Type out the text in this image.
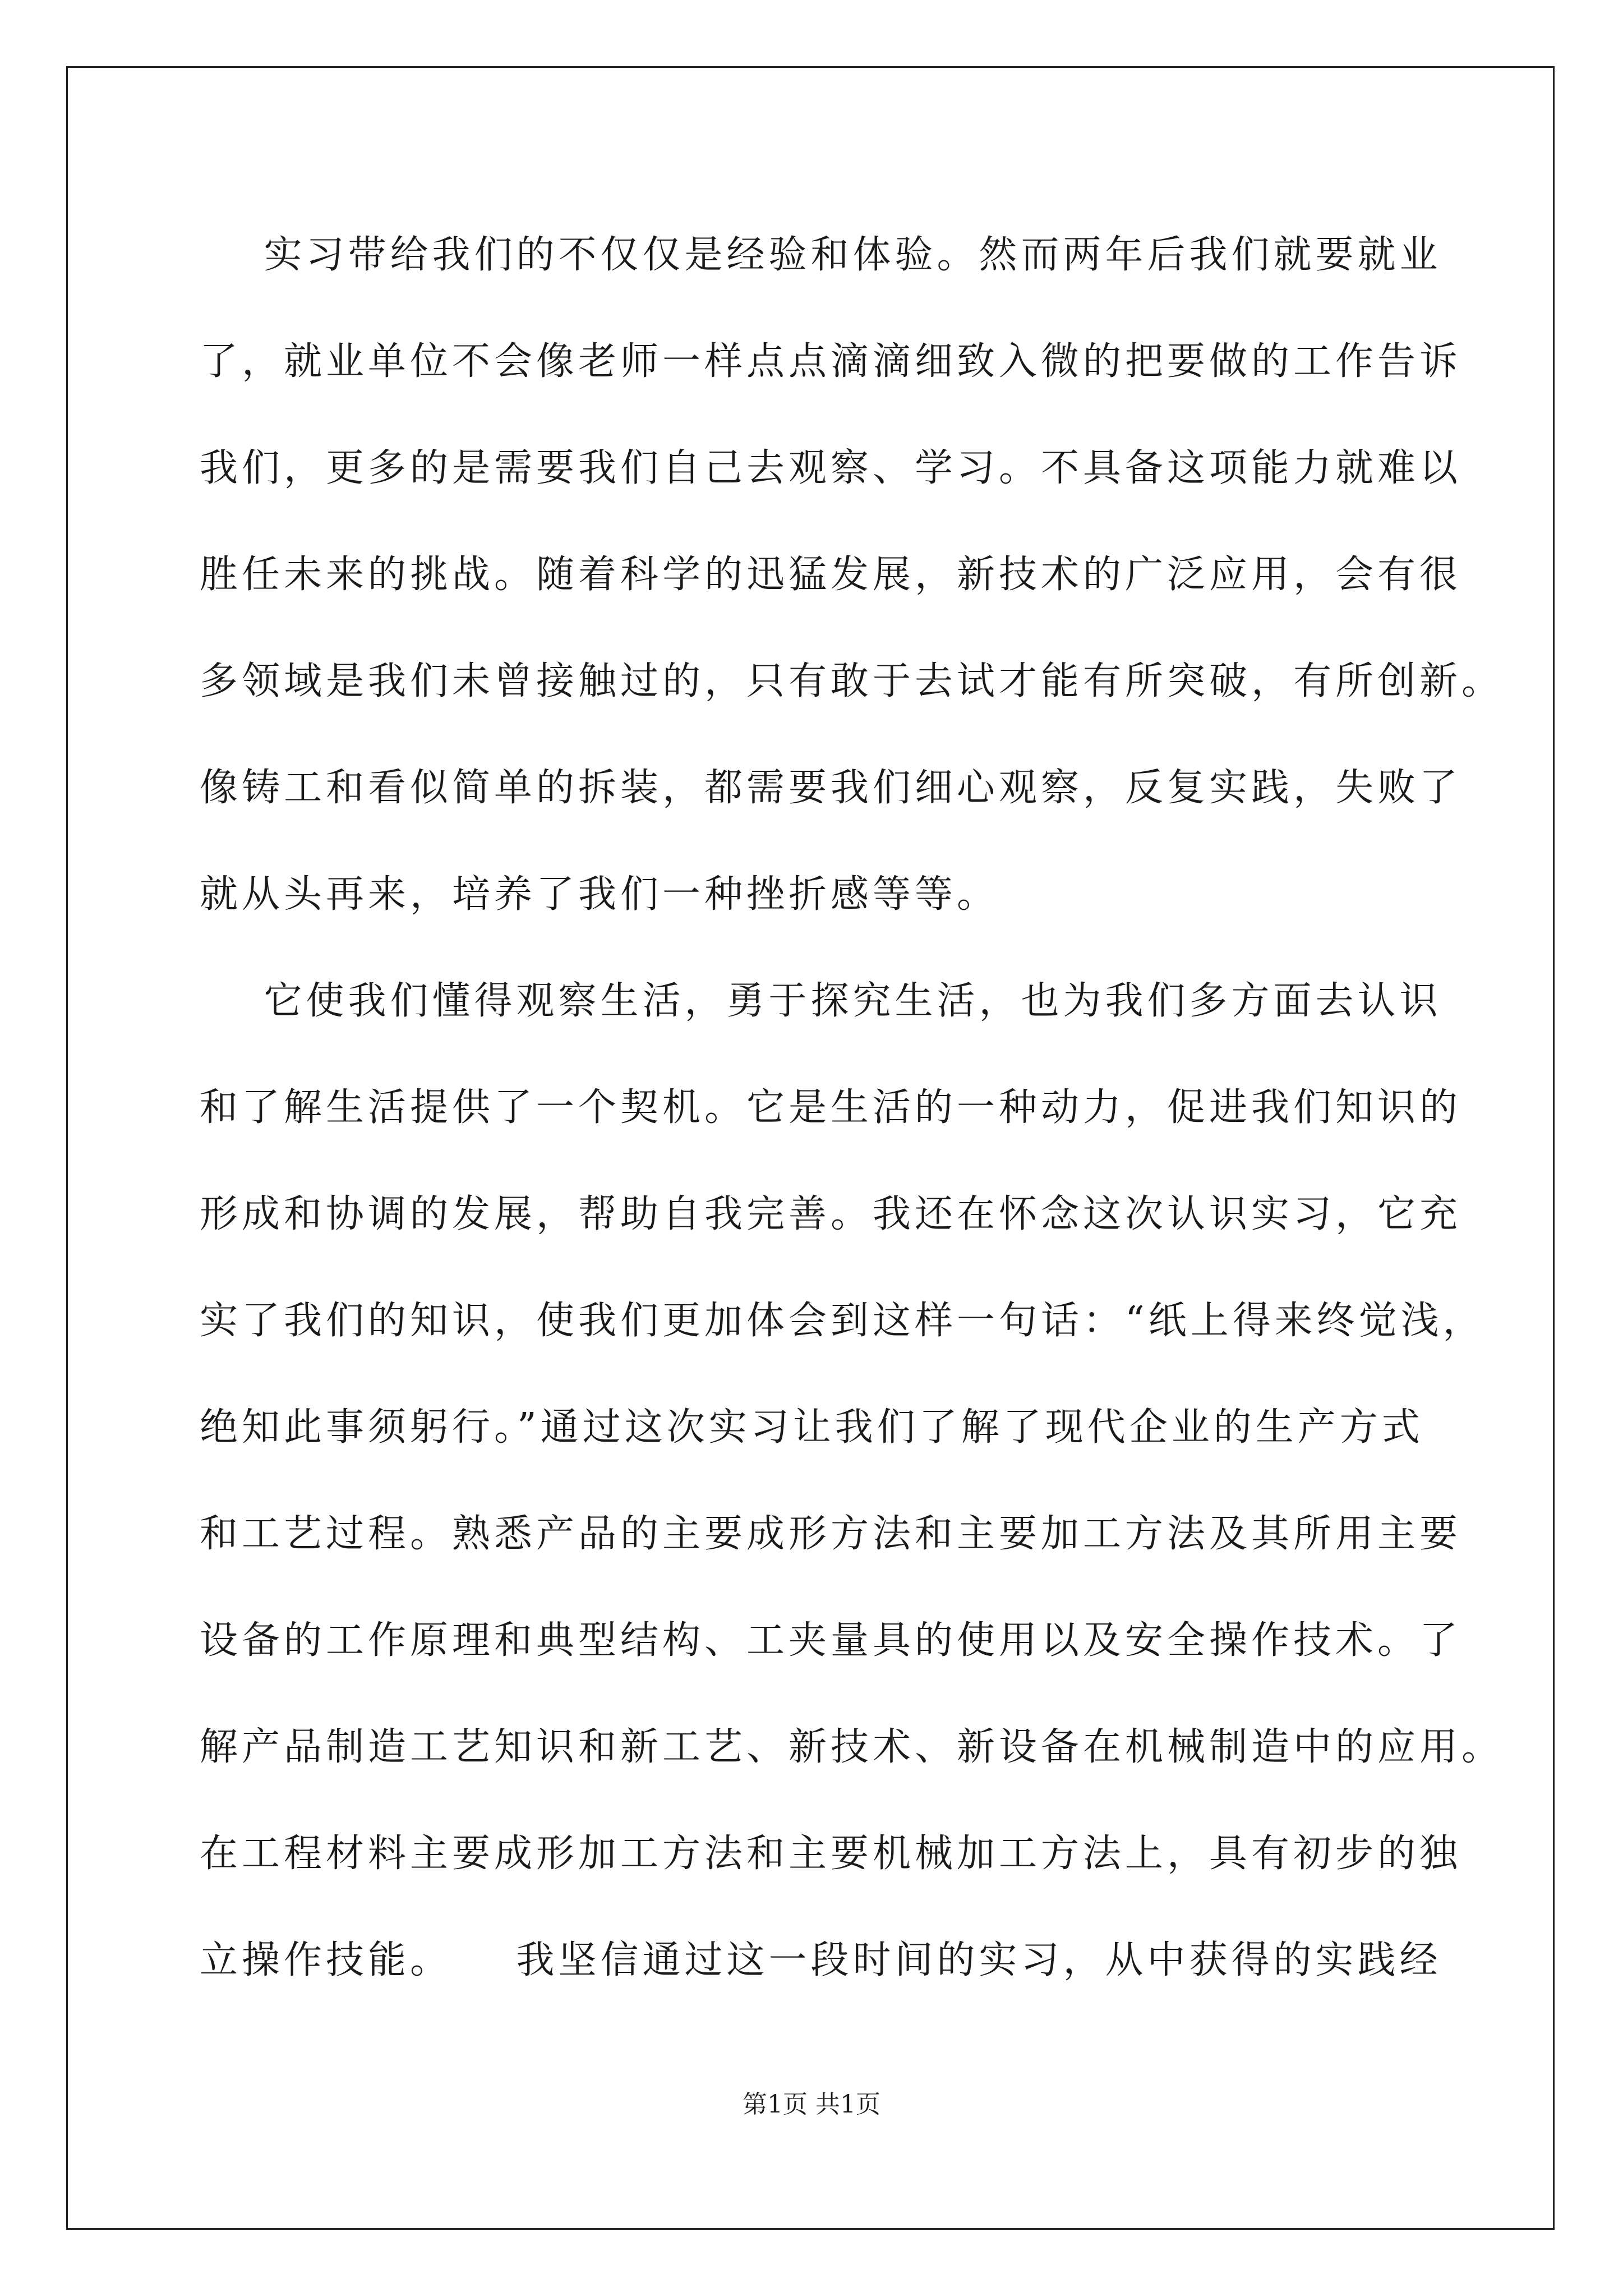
实习带给我们的不仅仅是经验和体验。然而两年后我们就要就业
了，就业单位不会像老师一样点点滴滴细致入微的把要做的工作告诉
我们，更多的是需要我们自己去观察、学习。不具备这项能力就难以
胜任未来的挑战。随着科学的迅猛发展，新技术的广泛应用，会有很
多领域是我们未曾接触过的，只有敢于去试才能有所突破，有所创新。
像铸工和看似简单的拆装，都需要我们细心观察，反复实践，失败了
就从头再来，培养了我们一种挫折感等等。
它使我们懂得观察生活，勇于探究生活，也为我们多方面去认识
和了解生活提供了一个契机。它是生活的一种动力，促进我们知识的
形成和协调的发展，帮助自我完善。我还在怀念这次认识实习，它充
实了我们的知识，使我们更加体会到这样一句话：“纸上得来终觉浅，
绝知此事须躬行。”通过这次实习让我们了解了现代企业的生产方式
和工艺过程。熟悉产品的主要成形方法和主要加工方法及其所用主要
设备的工作原理和典型结构、工夹量具的使用以及安全操作技术。了
解产品制造工艺知识和新工艺、新技术、新设备在机械制造中的应用。
在工程材料主要成形加工方法和主要机械加工方法上，具有初步的独
立操作技能。    我坚信通过这一段时间的实习，从中获得的实践经
第1页 共1页
